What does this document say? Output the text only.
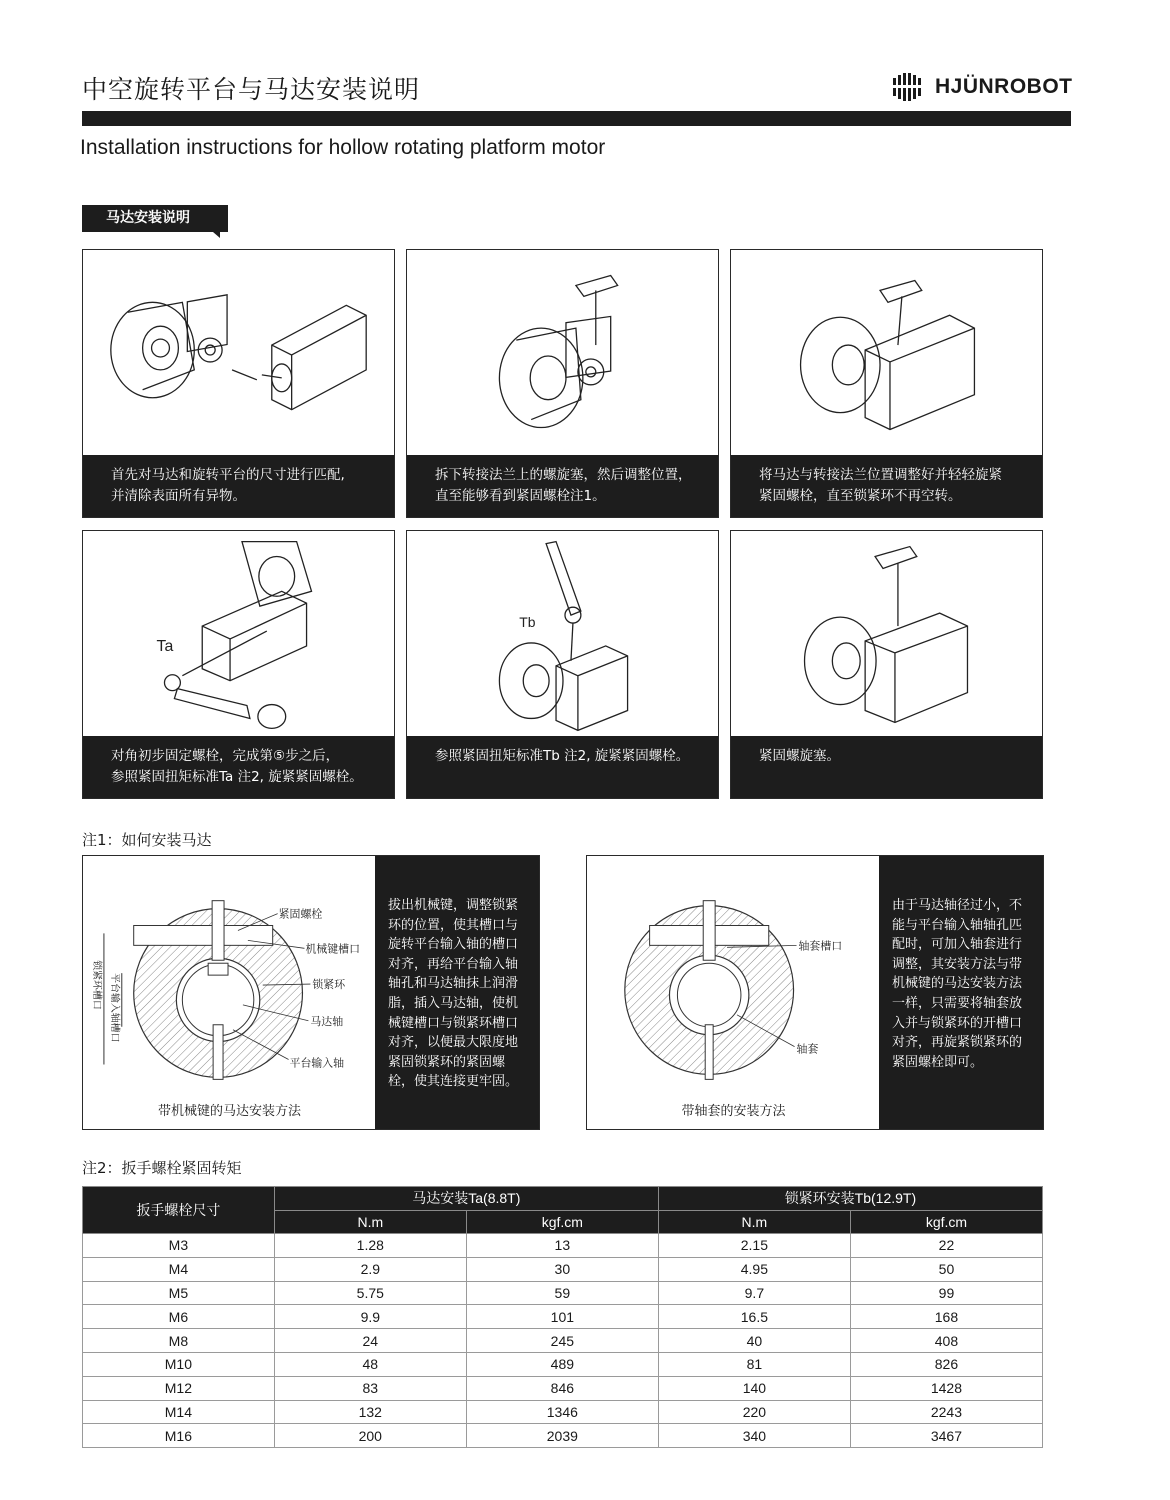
中空旋转平台与马达安装说明	HJÜNROBOT
Installation instructions for hollow rotating platform motor
马达安装说明
首先对马达和旋转平台的尺寸进行匹配,
并清除表面所有异物。
拆下转接法兰上的螺旋塞，然后调整位置，
直至能够看到紧固螺栓注1。
将马达与转接法兰位置调整好并轻轻旋紧
紧固螺栓，直至锁紧环不再空转。
Ta
对角初步固定螺栓，完成第⑤步之后，
参照紧固扭矩标准Ta 注2, 旋紧紧固螺栓。
Tb
参照紧固扭矩标准Tb 注2, 旋紧紧固螺栓。	紧固螺旋塞。
注1：如何安装马达
紧固螺栓
机械键槽口
锁紧环
马达轴
平台输入轴
锁紧环槽口 平台输入轴槽口
带机械键的马达安装方法
拔出机械键，调整锁紧
环的位置，使其槽口与
旋转平台输入轴的槽口
对齐，再给平台输入轴
轴孔和马达轴抹上润滑
脂，插入马达轴，使机
械键槽口与锁紧环槽口
对齐，以便最大限度地
紧固锁紧环的紧固螺
栓，使其连接更牢固。
轴套槽口
轴套
带轴套的安装方法
由于马达轴径过小，不
能与平台输入轴轴孔匹
配时，可加入轴套进行
调整，其安装方法与带
机械键的马达安装方法
一样，只需要将轴套放
入并与锁紧环的开槽口
对齐，再旋紧锁紧环的
紧固螺栓即可。
注2：扳手螺栓紧固转矩
扳手螺栓尺寸	马达安装Ta(8.8T)		锁紧环安装Tb(12.9T)	
	N.m	kgf.cm	N.m	kgf.cm
M3	1.28	13	2.15	22
M4	2.9	30	4.95	50
M5	5.75	59	9.7	99
M6	9.9	101	16.5	168
M8	24	245	40	408
M10	48	489	81	826
M12	83	846	140	1428
M14	132	1346	220	2243
M16	200	2039	340	3467
